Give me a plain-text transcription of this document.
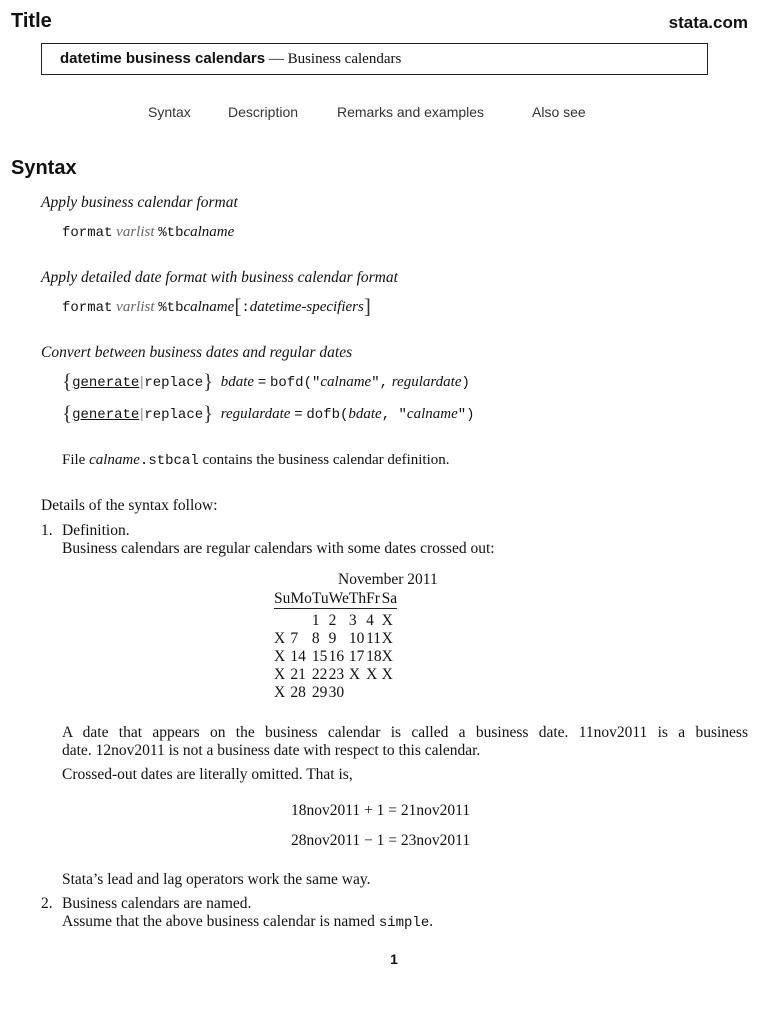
Title	stata.com
datetime business calendars — Business calendars
Syntax	Description	Remarks and examples	Also see
Syntax
Apply business calendar format
format varlist %tbcalname
Apply detailed date format with business calendar format
format varlist %tbcalname[:datetime-specifiers]
Convert between business dates and regular dates
{generate|replace} bdate = bofd("calname", regulardate)
{generate|replace} regulardate = dofb(bdate, "calname")
File calname.stbcal contains the business calendar definition.
Details of the syntax follow:
1. Definition.
Business calendars are regular calendars with some dates crossed out:
November 2011
Su	Mo	Tu	We	Th	Fr	Sa
		1	2	3	4	X
X	7	8	9	10	11	X
X	14	15	16	17	18	X
X	21	22	23	X	X	X
X	28	29	30			
A date that appears on the business calendar is called a business date. 11nov2011 is a business
date. 12nov2011 is not a business date with respect to this calendar.
Crossed-out dates are literally omitted. That is,
18nov2011 + 1 = 21nov2011
28nov2011 − 1 = 23nov2011
Stata’s lead and lag operators work the same way.
2. Business calendars are named.
Assume that the above business calendar is named simple.
1
